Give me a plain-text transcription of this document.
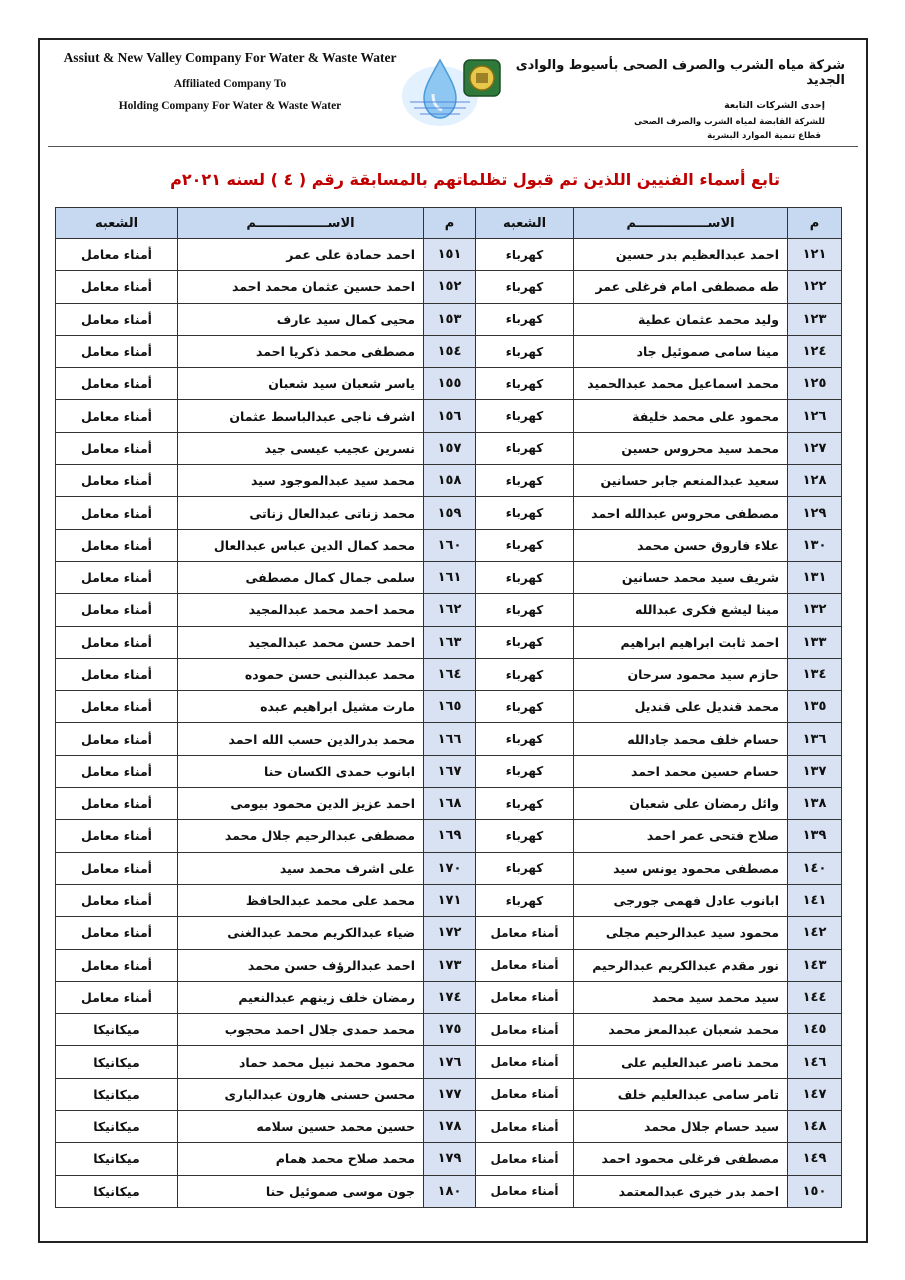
Assiut & New Valley Company For Water & Waste Water
Affiliated Company To
Holding Company For Water & Waste Water
شركة مياه الشرب والصرف الصحى بأسيوط والوادى الجديد
إحدى الشركات التابعة
للشركة القابضة لمياه الشرب والصرف الصحى
قطاع تنمية الموارد البشرية
تابع أسماء الفنيين اللذين تم قبول تظلماتهم بالمسابقة رقم ( ٤ ) لسنه ٢٠٢١م
م	الاســــــــــــــــم	الشعبه	م	الاســــــــــــــــم	الشعبه
١٢١	احمد عبدالعظيم بدر حسين	كهرباء	١٥١	احمد حمادة على عمر	أمناء معامل
١٢٢	طه مصطفى امام فرغلى عمر	كهرباء	١٥٢	احمد حسين عثمان محمد احمد	أمناء معامل
١٢٣	وليد محمد عثمان عطية	كهرباء	١٥٣	محيى كمال سيد عارف	أمناء معامل
١٢٤	مينا سامى صموئيل جاد	كهرباء	١٥٤	مصطفى محمد ذكريا احمد	أمناء معامل
١٢٥	محمد اسماعيل محمد عبدالحميد	كهرباء	١٥٥	ياسر شعبان سيد شعبان	أمناء معامل
١٢٦	محمود على محمد خليفة	كهرباء	١٥٦	اشرف ناجى عبدالباسط عثمان	أمناء معامل
١٢٧	محمد سيد محروس حسين	كهرباء	١٥٧	نسرين عجيب عيسى جيد	أمناء معامل
١٢٨	سعيد عبدالمنعم جابر حسانين	كهرباء	١٥٨	محمد سيد عبدالموجود سيد	أمناء معامل
١٢٩	مصطفى محروس عبدالله احمد	كهرباء	١٥٩	محمد زناتى عبدالعال زناتى	أمناء معامل
١٣٠	علاء فاروق حسن محمد	كهرباء	١٦٠	محمد كمال الدين عباس عبدالعال	أمناء معامل
١٣١	شريف سيد محمد حسانين	كهرباء	١٦١	سلمى جمال كمال مصطفى	أمناء معامل
١٣٢	مينا ليشع فكرى عبدالله	كهرباء	١٦٢	محمد احمد محمد عبدالمجيد	أمناء معامل
١٣٣	احمد ثابت ابراهيم ابراهيم	كهرباء	١٦٣	احمد حسن محمد عبدالمجيد	أمناء معامل
١٣٤	حازم سيد محمود سرحان	كهرباء	١٦٤	محمد عبدالنبى حسن حموده	أمناء معامل
١٣٥	محمد قنديل على قنديل	كهرباء	١٦٥	مارت مشيل ابراهيم عبده	أمناء معامل
١٣٦	حسام خلف محمد جادالله	كهرباء	١٦٦	محمد بدرالدين حسب الله احمد	أمناء معامل
١٣٧	حسام حسين محمد احمد	كهرباء	١٦٧	ابانوب حمدى الكسان حنا	أمناء معامل
١٣٨	وائل رمضان على شعبان	كهرباء	١٦٨	احمد عزيز الدين محمود بيومى	أمناء معامل
١٣٩	صلاح فتحى عمر احمد	كهرباء	١٦٩	مصطفى عبدالرحيم جلال محمد	أمناء معامل
١٤٠	مصطفى محمود يونس سيد	كهرباء	١٧٠	على اشرف محمد سيد	أمناء معامل
١٤١	ابانوب عادل فهمى جورجى	كهرباء	١٧١	محمد على محمد عبدالحافظ	أمناء معامل
١٤٢	محمود سيد عبدالرحيم مجلى	أمناء معامل	١٧٢	ضياء عبدالكريم محمد عبدالغنى	أمناء معامل
١٤٣	نور مقدم عبدالكريم عبدالرحيم	أمناء معامل	١٧٣	احمد عبدالرؤف حسن محمد	أمناء معامل
١٤٤	سيد محمد سيد محمد	أمناء معامل	١٧٤	رمضان خلف زينهم عبدالنعيم	أمناء معامل
١٤٥	محمد شعبان عبدالمعز محمد	أمناء معامل	١٧٥	محمد حمدى جلال احمد محجوب	ميكانيكا
١٤٦	محمد ناصر عبدالعليم على	أمناء معامل	١٧٦	محمود محمد نبيل محمد حماد	ميكانيكا
١٤٧	تامر سامى عبدالعليم خلف	أمناء معامل	١٧٧	محسن حسنى هارون عبدالبارى	ميكانيكا
١٤٨	سيد حسام جلال محمد	أمناء معامل	١٧٨	حسين محمد حسين سلامه	ميكانيكا
١٤٩	مصطفى فرغلى محمود احمد	أمناء معامل	١٧٩	محمد صلاح محمد همام	ميكانيكا
١٥٠	احمد بدر خيرى عبدالمعتمد	أمناء معامل	١٨٠	جون موسى صموئيل حنا	ميكانيكا
